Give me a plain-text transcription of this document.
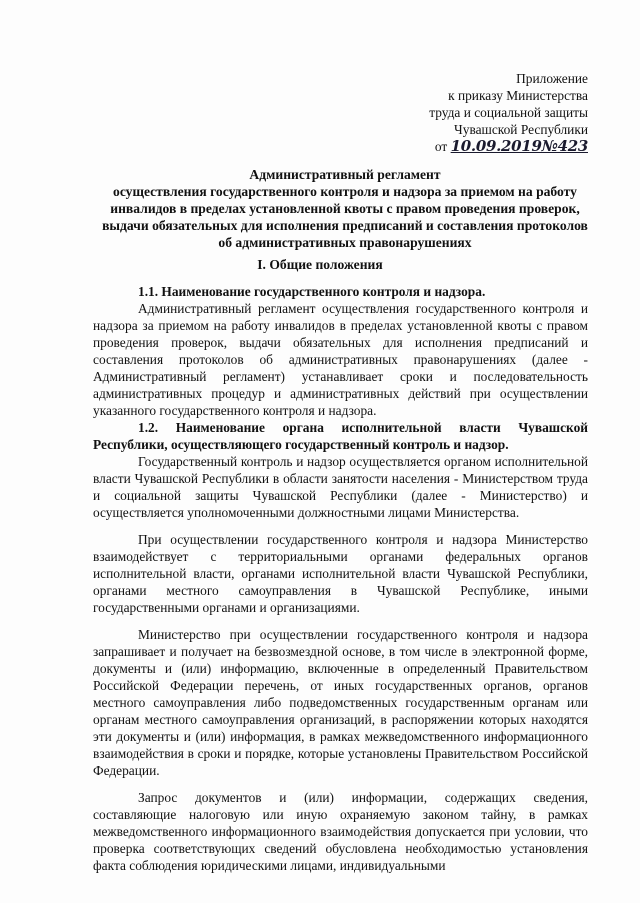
Приложение
к приказу Министерства
труда и социальной защиты
Чувашской Республики
от 10.09.2019№423
Административный регламент
осуществления государственного контроля и надзора за приемом на работу
инвалидов в пределах установленной квоты с правом проведения проверок,
выдачи обязательных для исполнения предписаний и составления протоколов
об административных правонарушениях
I. Общие положения

1.1. Наименование государственного контроля и надзора.

Административный регламент осуществления государственного контроля и надзора за приемом на работу инвалидов в пределах установленной квоты с правом проведения проверок, выдачи обязательных для исполнения предписаний и составления протоколов об административных правонарушениях (далее - Административный регламент) устанавливает сроки и последовательность административных процедур и административных действий при осуществлении указанного государственного контроля и надзора.

1.2. Наименование органа исполнительной власти Чувашской Республики, осуществляющего государственный контроль и надзор.

Государственный контроль и надзор осуществляется органом исполнительной власти Чувашской Республики в области занятости населения - Министерством труда и социальной защиты Чувашской Республики (далее - Министерство) и осуществляется уполномоченными должностными лицами Министерства.

При осуществлении государственного контроля и надзора Министерство взаимодействует с территориальными органами федеральных органов исполнительной власти, органами исполнительной власти Чувашской Республики, органами местного самоуправления в Чувашской Республике, иными государственными органами и организациями.

Министерство при осуществлении государственного контроля и надзора запрашивает и получает на безвозмездной основе, в том числе в электронной форме, документы и (или) информацию, включенные в определенный Правительством Российской Федерации перечень, от иных государственных органов, органов местного самоуправления либо подведомственных государственным органам или органам местного самоуправления организаций, в распоряжении которых находятся эти документы и (или) информация, в рамках межведомственного информационного взаимодействия в сроки и порядке, которые установлены Правительством Российской Федерации.

Запрос документов и (или) информации, содержащих сведения, составляющие налоговую или иную охраняемую законом тайну, в рамках межведомственного информационного взаимодействия допускается при условии, что проверка соответствующих сведений обусловлена необходимостью установления факта соблюдения юридическими лицами, индивидуальными
